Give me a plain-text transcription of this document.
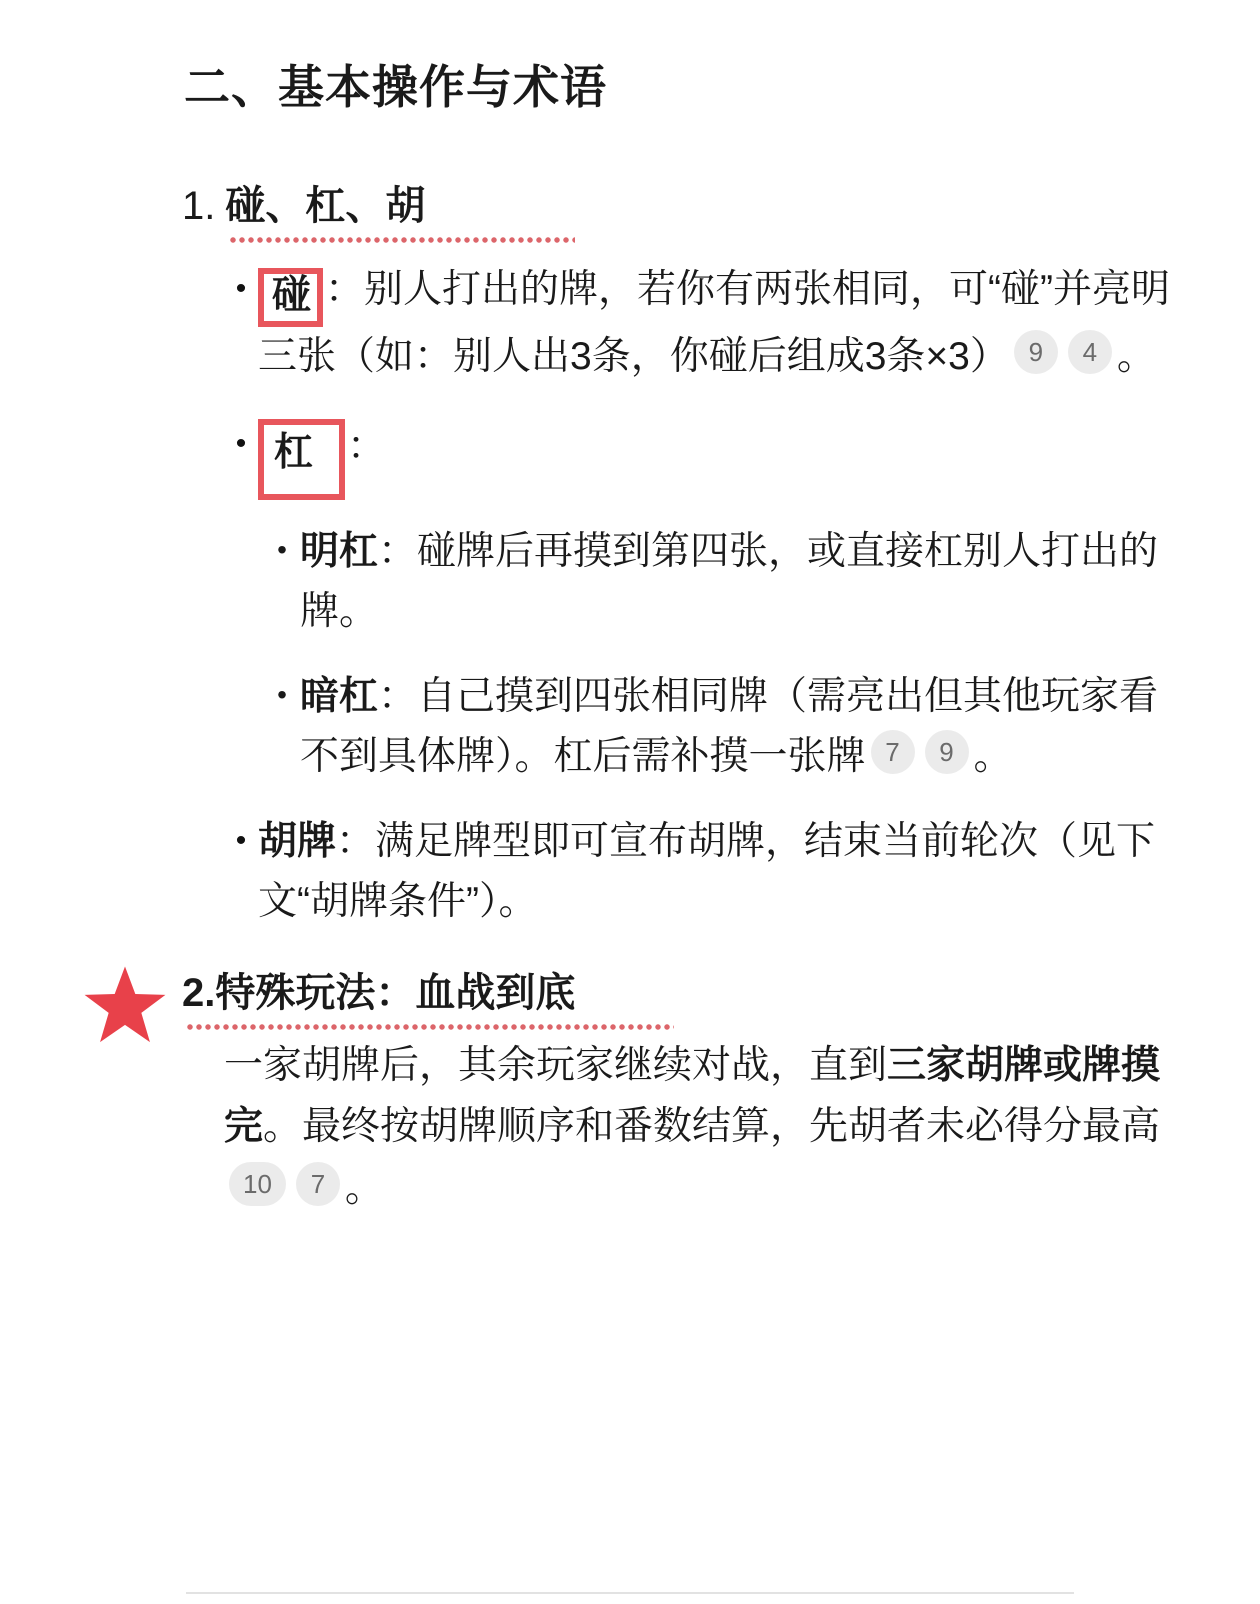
二、基本操作与术语
1. 碰、杠、胡
• 碰 ：别人打出的牌，若你有两张相同，可“碰”并亮明三张（如：别人出3条，你碰后组成3条×3） 9 4 。
• 杠 ：
• 明杠：碰牌后再摸到第四张，或直接杠别人打出的牌。
• 暗杠：自己摸到四张相同牌（需亮出但其他玩家看不到具体牌）。杠后需补摸一张牌 7 9 。
• 胡牌：满足牌型即可宣布胡牌，结束当前轮次（见下文“胡牌条件”）。
2. 特殊玩法：血战到底
一家胡牌后，其余玩家继续对战，直到三家胡牌或牌摸完。最终按胡牌顺序和番数结算，先胡者未必得分最高10 7 。
